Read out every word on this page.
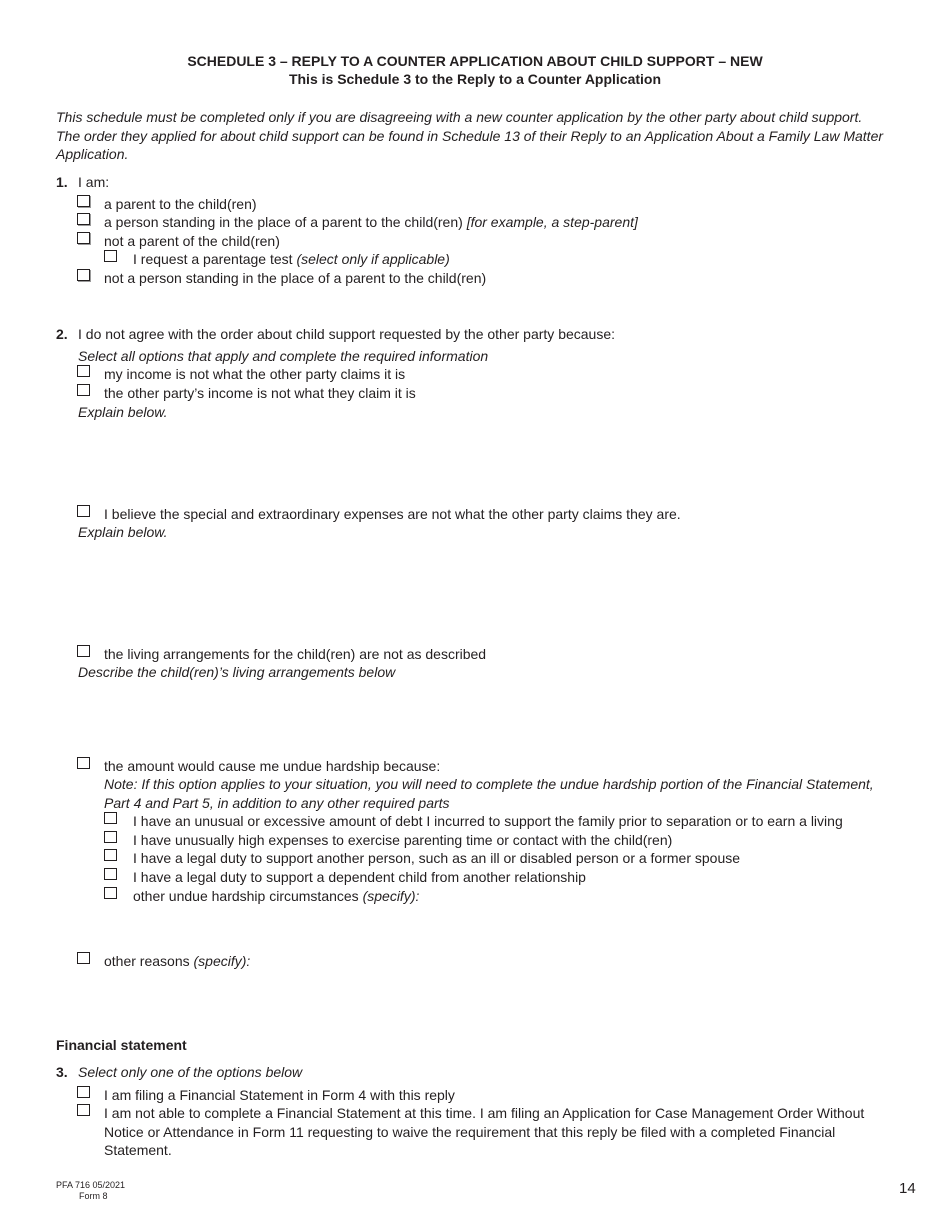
SCHEDULE 3 – REPLY TO A COUNTER APPLICATION ABOUT CHILD SUPPORT – NEW
This is Schedule 3 to the Reply to a Counter Application
This schedule must be completed only if you are disagreeing with a new counter application by the other party about child support.
The order they applied for about child support can be found in Schedule 13 of their Reply to an Application About a Family Law Matter
Application.
1. I am:
a parent to the child(ren)
a person standing in the place of a parent to the child(ren) [for example, a step-parent]
not a parent of the child(ren)
I request a parentage test (select only if applicable)
not a person standing in the place of a parent to the child(ren)
2. I do not agree with the order about child support requested by the other party because:
Select all options that apply and complete the required information
my income is not what the other party claims it is
the other party’s income is not what they claim it is
Explain below.
I believe the special and extraordinary expenses are not what the other party claims they are.
Explain below.
the living arrangements for the child(ren) are not as described
Describe the child(ren)’s living arrangements below
the amount would cause me undue hardship because:
Note: If this option applies to your situation, you will need to complete the undue hardship portion of the Financial Statement,
Part 4 and Part 5, in addition to any other required parts
I have an unusual or excessive amount of debt I incurred to support the family prior to separation or to earn a living
I have unusually high expenses to exercise parenting time or contact with the child(ren)
I have a legal duty to support another person, such as an ill or disabled person or a former spouse
I have a legal duty to support a dependent child from another relationship
other undue hardship circumstances (specify):
other reasons (specify):
Financial statement
3. Select only one of the options below
I am filing a Financial Statement in Form 4 with this reply
I am not able to complete a Financial Statement at this time. I am filing an Application for Case Management Order Without
Notice or Attendance in Form 11 requesting to waive the requirement that this reply be filed with a completed Financial
Statement.
PFA 716 05/2021
Form 8	14
